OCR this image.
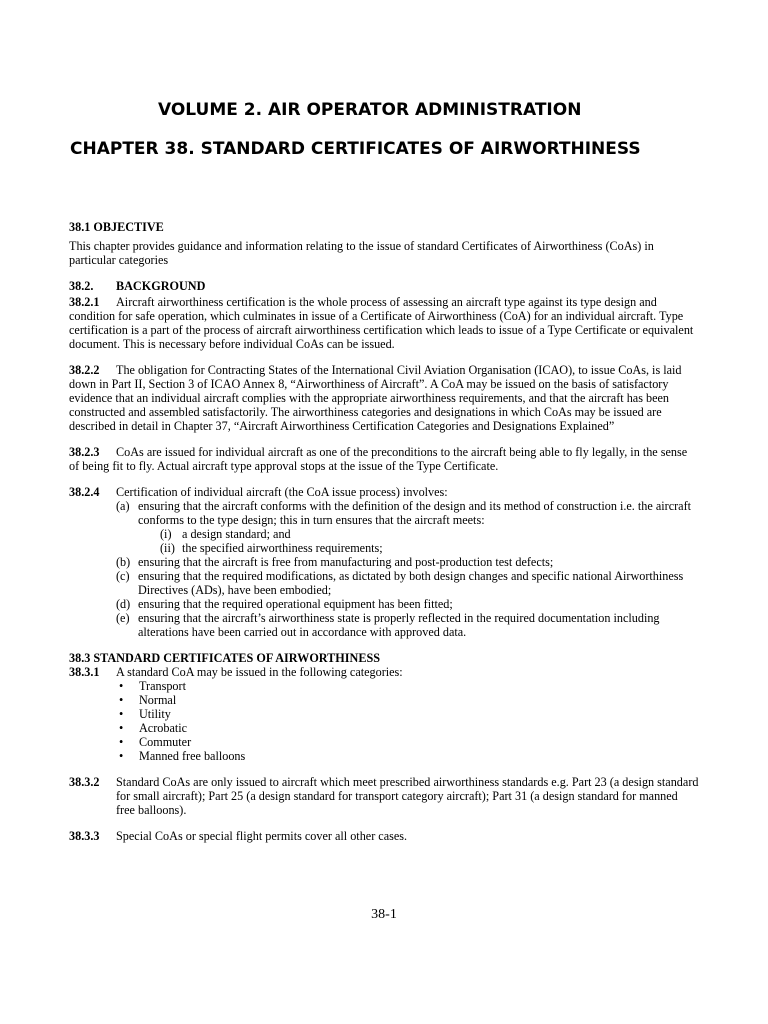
VOLUME 2. AIR OPERATOR ADMINISTRATION
CHAPTER 38. STANDARD CERTIFICATES OF AIRWORTHINESS

38.1 OBJECTIVE

This chapter provides guidance and information relating to the issue of standard Certificates of Airworthiness (CoAs) in particular categories

38.2. BACKGROUND

38.2.1 Aircraft airworthiness certification is the whole process of assessing an aircraft type against its type design and condition for safe operation, which culminates in issue of a Certificate of Airworthiness (CoA) for an individual aircraft. Type certification is a part of the process of aircraft airworthiness certification which leads to issue of a Type Certificate or equivalent document. This is necessary before individual CoAs can be issued.

38.2.2 The obligation for Contracting States of the International Civil Aviation Organisation (ICAO), to issue CoAs, is laid down in Part II, Section 3 of ICAO Annex 8, “Airworthiness of Aircraft”. A CoA may be issued on the basis of satisfactory evidence that an individual aircraft complies with the appropriate airworthiness requirements, and that the aircraft has been constructed and assembled satisfactorily. The airworthiness categories and designations in which CoAs may be issued are described in detail in Chapter 37, “Aircraft Airworthiness Certification Categories and Designations Explained”

38.2.3 CoAs are issued for individual aircraft as one of the preconditions to the aircraft being able to fly legally, in the sense of being fit to fly. Actual aircraft type approval stops at the issue of the Type Certificate.

38.2.4 Certification of individual aircraft (the CoA issue process) involves:

(a) ensuring that the aircraft conforms with the definition of the design and its method of construction i.e. the aircraft conforms to the type design; this in turn ensures that the aircraft meets:
(i) a design standard; and
(ii) the specified airworthiness requirements;
(b) ensuring that the aircraft is free from manufacturing and post-production test defects;
(c) ensuring that the required modifications, as dictated by both design changes and specific national Airworthiness Directives (ADs), have been embodied;
(d) ensuring that the required operational equipment has been fitted;
(e) ensuring that the aircraft’s airworthiness state is properly reflected in the required documentation including alterations have been carried out in accordance with approved data.

38.3 STANDARD CERTIFICATES OF AIRWORTHINESS

38.3.1 A standard CoA may be issued in the following categories:

• Transport
• Normal
• Utility
• Acrobatic
• Commuter
• Manned free balloons

38.3.2 Standard CoAs are only issued to aircraft which meet prescribed airworthiness standards e.g. Part 23 (a design standard for small aircraft); Part 25 (a design standard for transport category aircraft); Part 31 (a design standard for manned free balloons).

38.3.3 Special CoAs or special flight permits cover all other cases.

38-1
